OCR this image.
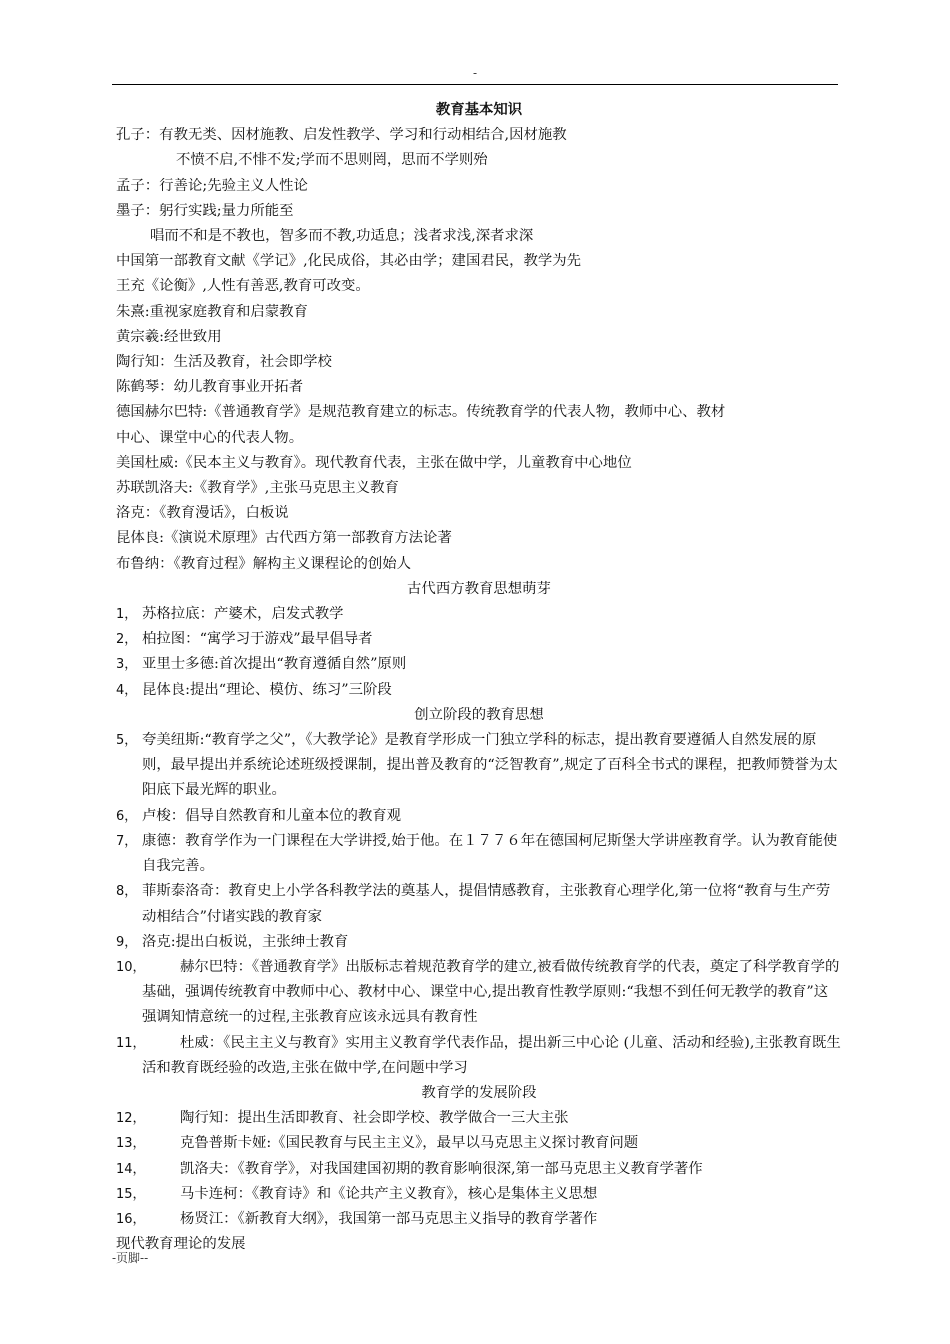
-
教育基本知识
孔子：有教无类、因材施教、启发性教学、学习和行动相结合,因材施教
不愤不启,不悱不发;学而不思则罔，思而不学则殆
孟子：行善论;先验主义人性论
墨子：躬行实践;量力所能至
唱而不和是不教也，智多而不教,功适息；浅者求浅,深者求深
中国第一部教育文献《学记》,化民成俗，其必由学；建国君民，教学为先
王充《论衡》,人性有善恶,教育可改变。
朱熹:重视家庭教育和启蒙教育
黄宗羲:经世致用
陶行知：生活及教育，社会即学校
陈鹤琴：幼儿教育事业开拓者
德国赫尔巴特:《普通教育学》是规范教育建立的标志。传统教育学的代表人物，教师中心、教材
中心、课堂中心的代表人物。
美国杜威:《民本主义与教育》。现代教育代表，主张在做中学，儿童教育中心地位
苏联凯洛夫:《教育学》,主张马克思主义教育
洛克：《教育漫话》，白板说
昆体良:《演说术原理》古代西方第一部教育方法论著
布鲁纳：《教育过程》解构主义课程论的创始人
古代西方教育思想萌芽
1， 苏格拉底：产婆术，启发式教学
2， 柏拉图：“寓学习于游戏”最早倡导者
3， 亚里士多德:首次提出“教育遵循自然”原则
4， 昆体良:提出“理论、模仿、练习”三阶段
创立阶段的教育思想
5， 夸美纽斯:“教育学之父”，《大教学论》是教育学形成一门独立学科的标志，提出教育要遵循人自然发展的原则，最早提出并系统论述班级授课制，提出普及教育的“泛智教育”,规定了百科全书式的课程，把教师赞誉为太阳底下最光辉的职业。
6， 卢梭：倡导自然教育和儿童本位的教育观
7， 康德：教育学作为一门课程在大学讲授,始于他。在１７７６年在德国柯尼斯堡大学讲座教育学。认为教育能使自我完善。
8， 菲斯泰洛奇：教育史上小学各科教学法的奠基人，提倡情感教育，主张教育心理学化,第一位将“教育与生产劳动相结合”付诸实践的教育家
9， 洛克:提出白板说，主张绅士教育
10，	赫尔巴特：《普通教育学》出版标志着规范教育学的建立,被看做传统教育学的代表，奠定了科学教育学的基础，强调传统教育中教师中心、教材中心、课堂中心,提出教育性教学原则:“我想不到任何无教学的教育”这强调知情意统一的过程,主张教育应该永远具有教育性
11，	杜威：《民主主义与教育》实用主义教育学代表作品，提出新三中心论 (儿童、活动和经验),主张教育既生活和教育既经验的改造,主张在做中学,在问题中学习
教育学的发展阶段
12，	陶行知：提出生活即教育、社会即学校、教学做合一三大主张
13，	克鲁普斯卡娅:《国民教育与民主主义》，最早以马克思主义探讨教育问题
14，	凯洛夫：《教育学》，对我国建国初期的教育影响很深,第一部马克思主义教育学著作
15，	马卡连柯：《教育诗》和《论共产主义教育》，核心是集体主义思想
16，	杨贤江：《新教育大纲》，我国第一部马克思主义指导的教育学著作
现代教育理论的发展
-页脚--
